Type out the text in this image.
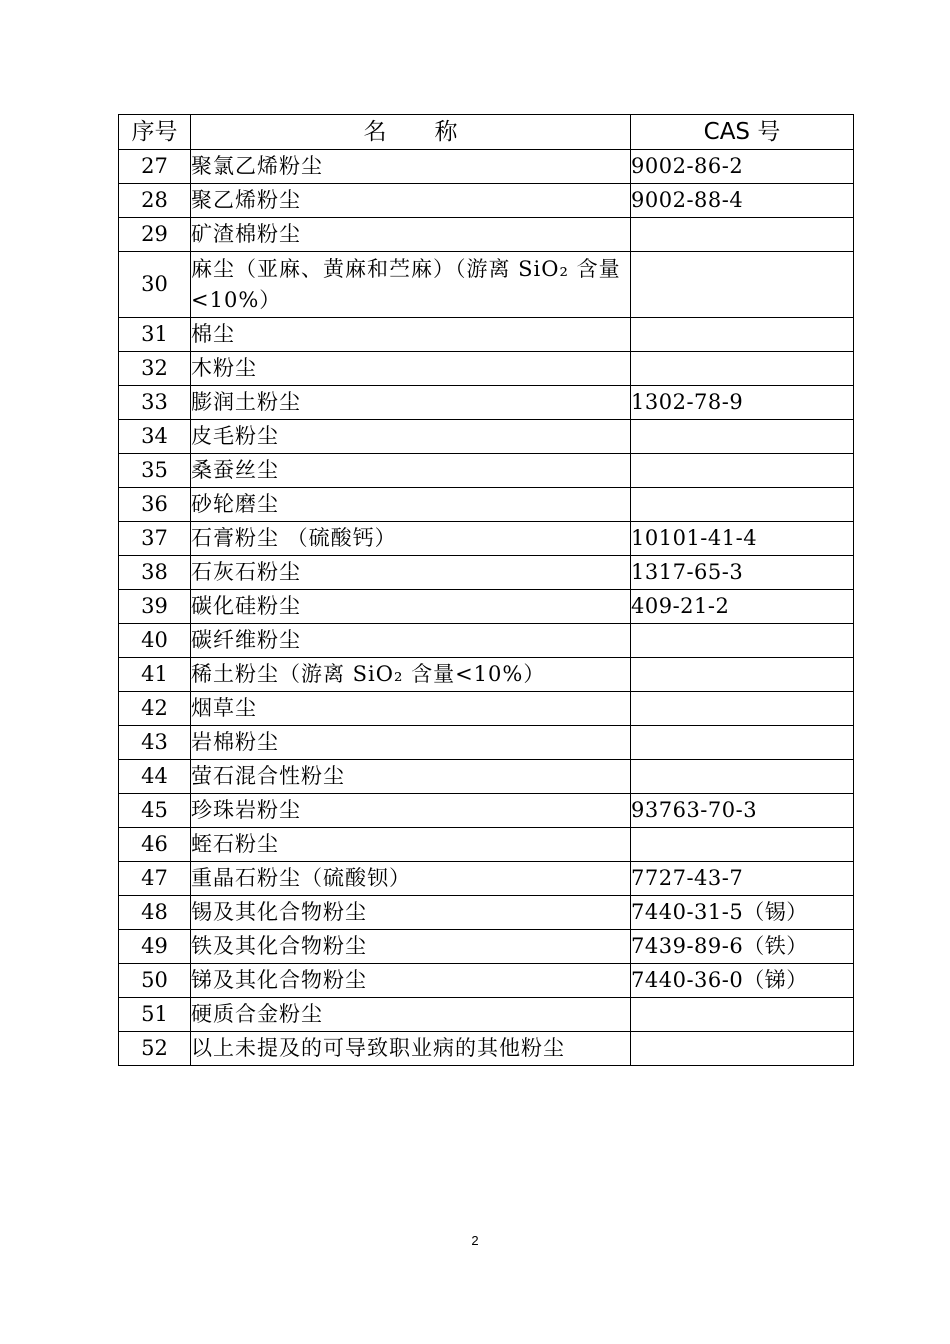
序号	名 称	CAS 号
27	聚氯乙烯粉尘	9002-86-2
28	聚乙烯粉尘	9002-88-4
29	矿渣棉粉尘	
30	麻尘（亚麻、黄麻和苎麻）（游离 SiO₂ 含量<10%）	
31	棉尘	
32	木粉尘	
33	膨润土粉尘	1302-78-9
34	皮毛粉尘	
35	桑蚕丝尘	
36	砂轮磨尘	
37	石膏粉尘 （硫酸钙）	10101-41-4
38	石灰石粉尘	1317-65-3
39	碳化硅粉尘	409-21-2
40	碳纤维粉尘	
41	稀土粉尘（游离 SiO₂ 含量<10%）	
42	烟草尘	
43	岩棉粉尘	
44	萤石混合性粉尘	
45	珍珠岩粉尘	93763-70-3
46	蛭石粉尘	
47	重晶石粉尘（硫酸钡）	7727-43-7
48	锡及其化合物粉尘	7440-31-5（锡）
49	铁及其化合物粉尘	7439-89-6（铁）
50	锑及其化合物粉尘	7440-36-0（锑）
51	硬质合金粉尘	
52	以上未提及的可导致职业病的其他粉尘	
2
